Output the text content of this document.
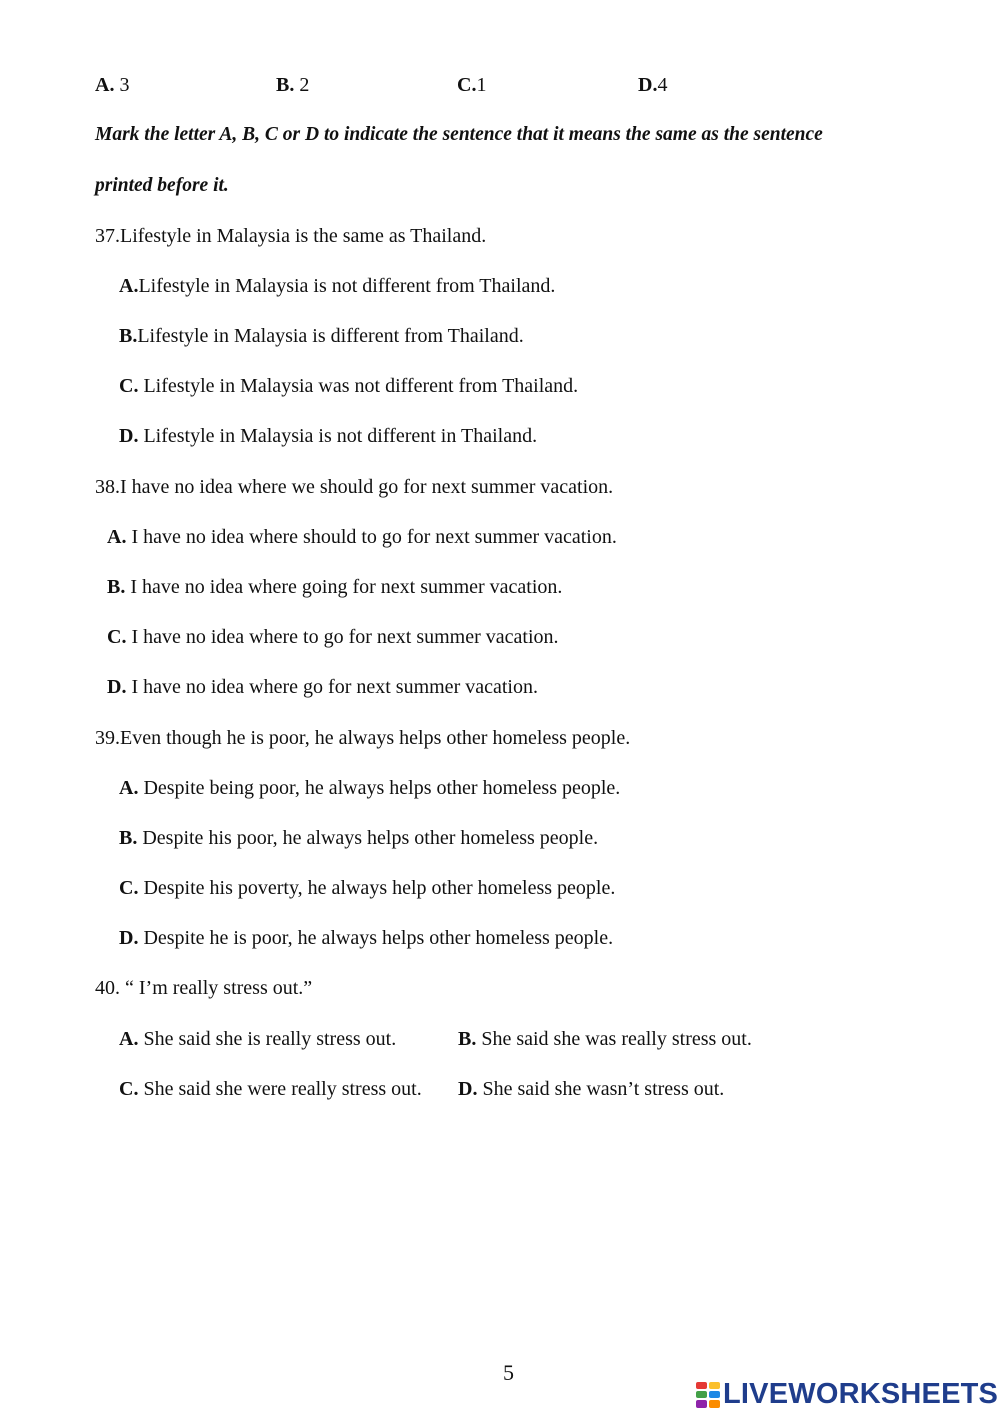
A. 3	B. 2	C.1	D.4
Mark the letter A, B, C or D to indicate the sentence that it means the same as the sentence
printed before it.
37.Lifestyle in Malaysia is the same as Thailand.
A.Lifestyle in Malaysia is not different from Thailand.
B.Lifestyle in Malaysia is different from Thailand.
C. Lifestyle in Malaysia was not different from Thailand.
D. Lifestyle in Malaysia is not different in Thailand.
38.I have no idea where we should go for next summer vacation.
A. I have no idea where should to go for next summer vacation.
B. I have no idea where going for next summer vacation.
C. I have no idea where to go for next summer vacation.
D. I have no idea where go for next summer vacation.
39.Even though he is poor, he always helps other homeless people.
A. Despite being poor, he always helps other homeless people.
B. Despite his poor, he always helps other homeless people.
C. Despite his poverty, he always help other homeless people.
D. Despite he is poor, he always helps other homeless people.
40. “ I’m really stress out.”
A. She said she is really stress out.	B. She said she was really stress out.
C. She said she were really stress out. D. She said she wasn’t stress out.
5
LIVEWORKSHEETS
